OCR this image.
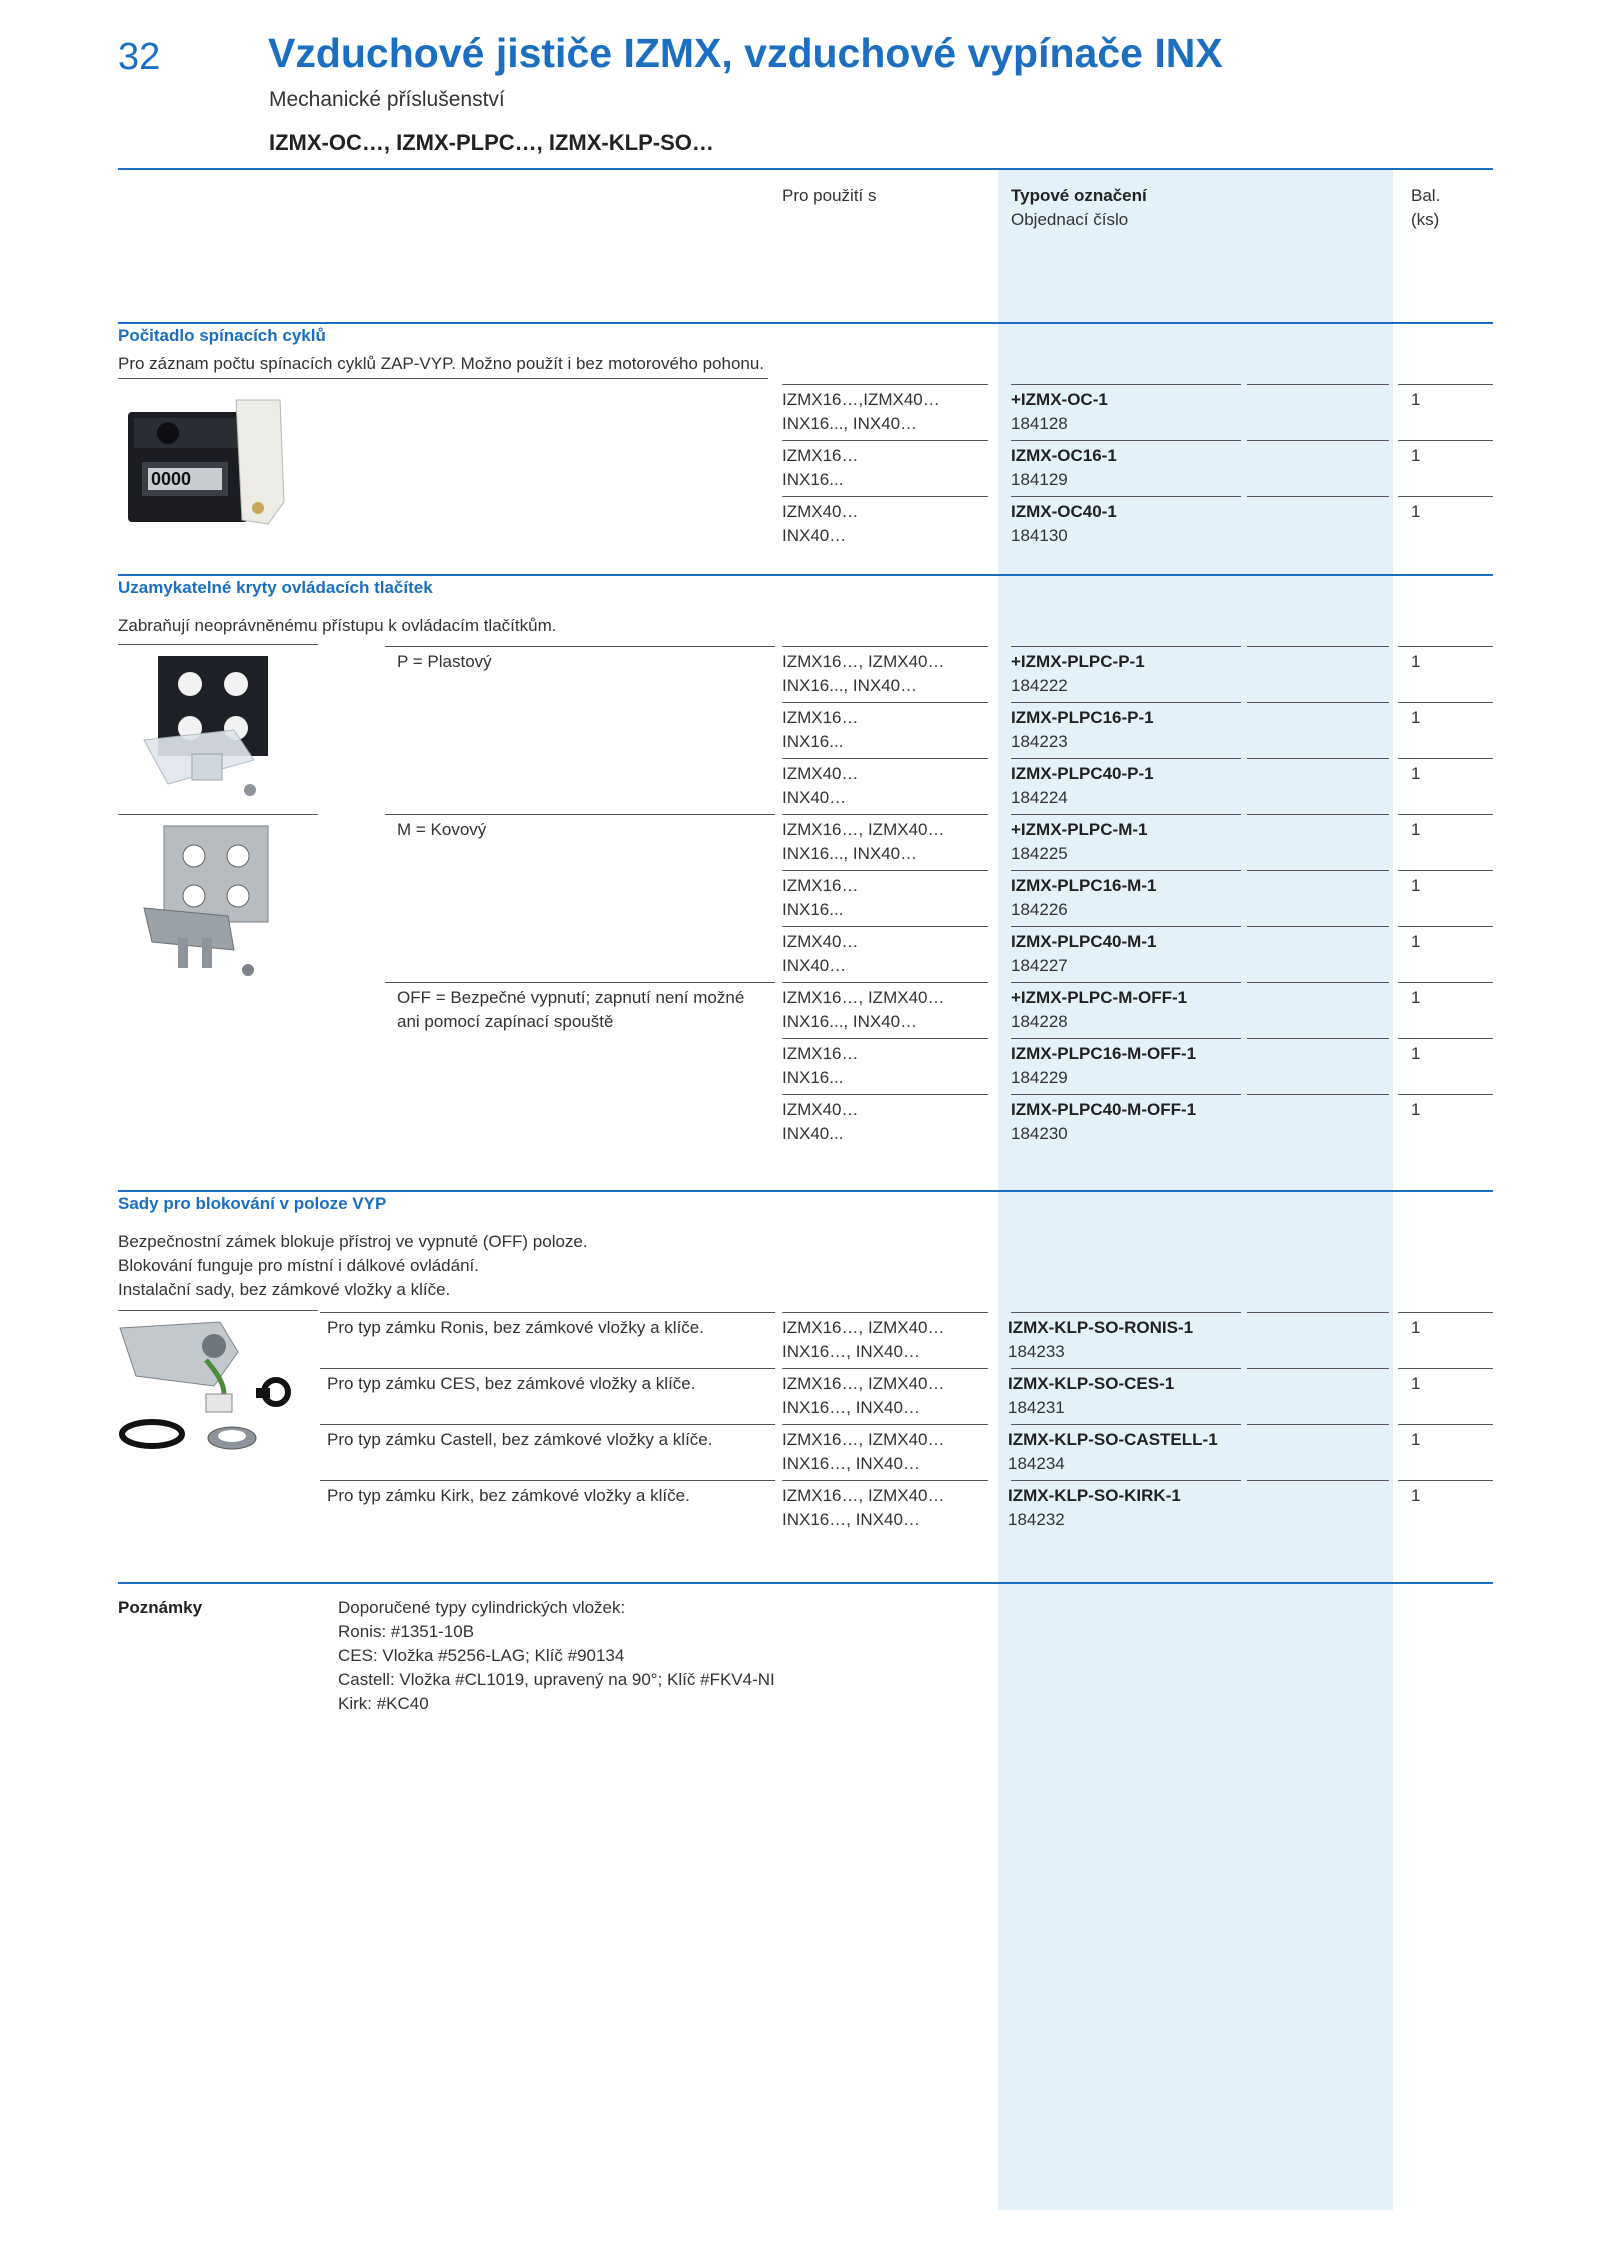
32	Vzduchové jističe IZMX, vzduchové vypínače INX
Mechanické příslušenství
IZMX-OC…, IZMX-PLPC…, IZMX-KLP-SO…
Pro použití s	Typové označení
Objednací číslo
Bal.
(ks)
Počitadlo spínacích cyklů
Pro záznam počtu spínacích cyklů ZAP-VYP. Možno použít i bez motorového pohonu.
0000
IZMX16…,IZMX40…
INX16..., INX40…
+IZMX-OC-1
184128
1
IZMX16…
INX16...
IZMX-OC16-1
184129
1
IZMX40…
INX40…
IZMX-OC40-1
184130
1
Uzamykatelné kryty ovládacích tlačítek
Zabraňují neoprávněnému přístupu k ovládacím tlačítkům.
P = Plastový	IZMX16…, IZMX40…
INX16..., INX40…
+IZMX-PLPC-P-1
184222
1
IZMX16…
INX16...
IZMX-PLPC16-P-1
184223
1
IZMX40…
INX40…
IZMX-PLPC40-P-1
184224
1
M = Kovový	IZMX16…, IZMX40…
INX16..., INX40…
+IZMX-PLPC-M-1
184225
1
IZMX16…
INX16...
IZMX-PLPC16-M-1
184226
1
IZMX40…
INX40…
IZMX-PLPC40-M-1
184227
1
OFF = Bezpečné vypnutí; zapnutí není možné
ani pomocí zapínací spouště
IZMX16…, IZMX40…
INX16..., INX40…
+IZMX-PLPC-M-OFF-1
184228
1
IZMX16…
INX16...
IZMX-PLPC16-M-OFF-1
184229
1
IZMX40…
INX40...
IZMX-PLPC40-M-OFF-1
184230
1
Sady pro blokování v poloze VYP
Bezpečnostní zámek blokuje přístroj ve vypnuté (OFF) poloze.
Blokování funguje pro místní i dálkové ovládání.
Instalační sady, bez zámkové vložky a klíče.
Pro typ zámku Ronis, bez zámkové vložky a klíče.	IZMX16…, IZMX40…
INX16…, INX40…
IZMX-KLP-SO-RONIS-1
184233
1
Pro typ zámku CES, bez zámkové vložky a klíče.	IZMX16…, IZMX40…
INX16…, INX40…
IZMX-KLP-SO-CES-1
184231
1
Pro typ zámku Castell, bez zámkové vložky a klíče.	IZMX16…, IZMX40…
INX16…, INX40…
IZMX-KLP-SO-CASTELL-1
184234
1
Pro typ zámku Kirk, bez zámkové vložky a klíče.	IZMX16…, IZMX40…
INX16…, INX40…
IZMX-KLP-SO-KIRK-1
184232
1
Poznámky	Doporučené typy cylindrických vložek:
Ronis: #1351-10B
CES: Vložka #5256-LAG; Klíč #90134
Castell: Vložka #CL1019, upravený na 90°; Klíč #FKV4-NI
Kirk: #KC40
